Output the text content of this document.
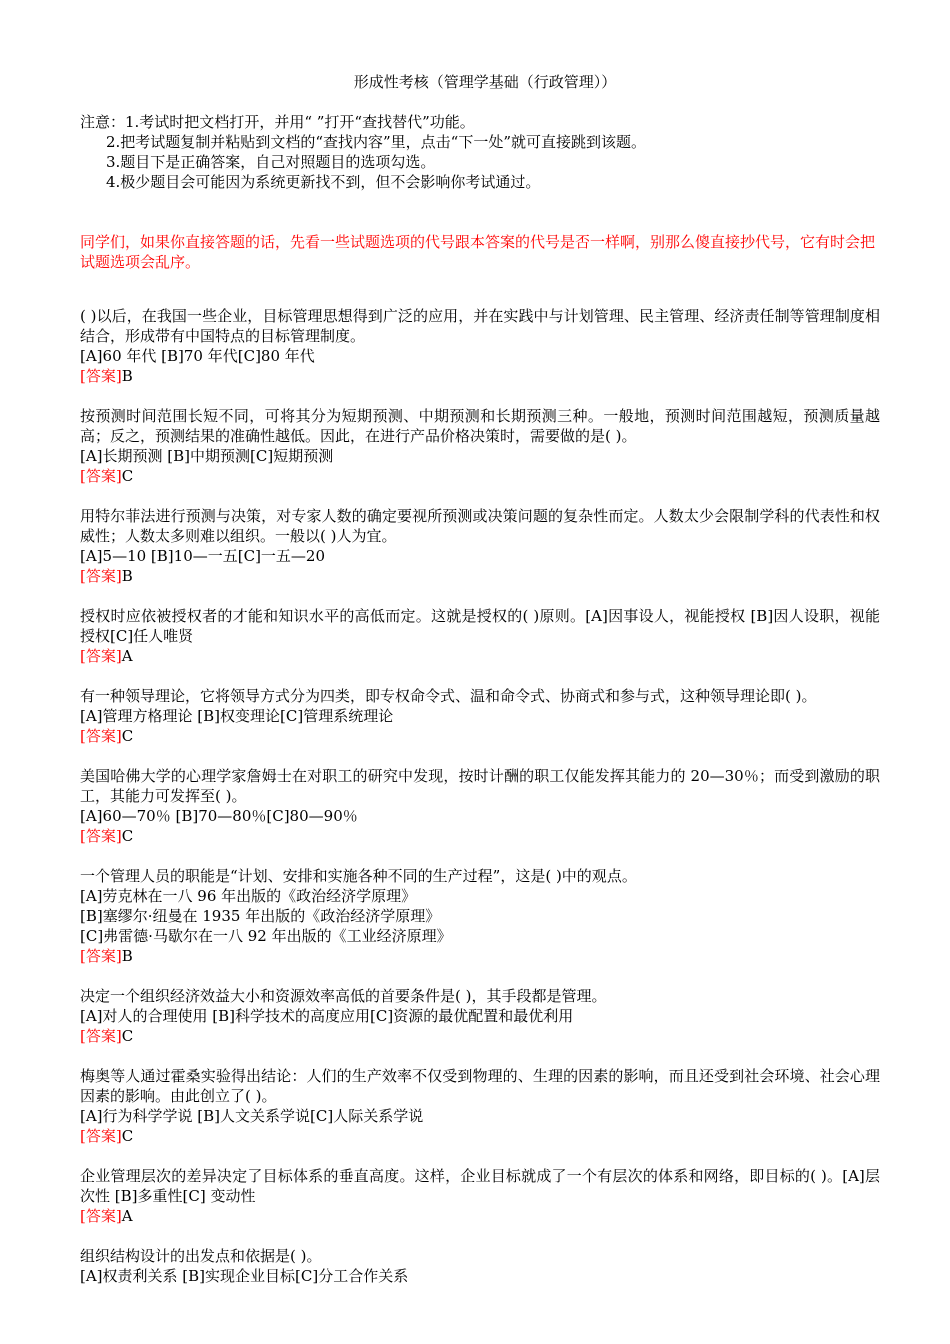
形成性考核（管理学基础（行政管理））
注意：1.考试时把文档打开，并用“ ”打开“查找替代”功能。
2.把考试题复制并粘贴到文档的“查找内容”里，点击“下一处”就可直接跳到该题。
3.题目下是正确答案，自己对照题目的选项勾选。
4.极少题目会可能因为系统更新找不到，但不会影响你考试通过。
同学们，如果你直接答题的话，先看一些试题选项的代号跟本答案的代号是否一样啊，别那么傻直接抄代号，它有时会把试题选项会乱序。
( )以后，在我国一些企业，目标管理思想得到广泛的应用，并在实践中与计划管理、民主管理、经济责任制等管理制度相结合，形成带有中国特点的目标管理制度。
[A]60 年代 [B]70 年代[C]80 年代
[答案]B
按预测时间范围长短不同，可将其分为短期预测、中期预测和长期预测三种。一般地，预测时间范围越短，预测质量越高；反之，预测结果的准确性越低。因此，在进行产品价格决策时，需要做的是( )。
[A]长期预测 [B]中期预测[C]短期预测
[答案]C
用特尔菲法进行预测与决策，对专家人数的确定要视所预测或决策问题的复杂性而定。人数太少会限制学科的代表性和权威性；人数太多则难以组织。一般以( )人为宜。
[A]5—10 [B]10—一五[C]一五—20
[答案]B
授权时应依被授权者的才能和知识水平的高低而定。这就是授权的( )原则。[A]因事设人，视能授权 [B]因人设职，视能授权[C]任人唯贤
[答案]A
有一种领导理论，它将领导方式分为四类，即专权命令式、温和命令式、协商式和参与式，这种领导理论即( )。
[A]管理方格理论 [B]权变理论[C]管理系统理论
[答案]C
美国哈佛大学的心理学家詹姆士在对职工的研究中发现，按时计酬的职工仅能发挥其能力的 20—30％；而受到激励的职工，其能力可发挥至( )。
[A]60—70％ [B]70—80％[C]80—90％
[答案]C
一个管理人员的职能是“计划、安排和实施各种不同的生产过程”，这是( )中的观点。
[A]劳克林在一八 96 年出版的《政治经济学原理》
[B]塞缪尔·纽曼在 1935 年出版的《政治经济学原理》
[C]弗雷德·马歇尔在一八 92 年出版的《工业经济原理》
[答案]B
决定一个组织经济效益大小和资源效率高低的首要条件是( )，其手段都是管理。
[A]对人的合理使用 [B]科学技术的高度应用[C]资源的最优配置和最优利用
[答案]C
梅奥等人通过霍桑实验得出结论：人们的生产效率不仅受到物理的、生理的因素的影响，而且还受到社会环境、社会心理因素的影响。由此创立了( )。
[A]行为科学学说 [B]人文关系学说[C]人际关系学说
[答案]C
企业管理层次的差异决定了目标体系的垂直高度。这样，企业目标就成了一个有层次的体系和网络，即目标的( )。[A]层次性 [B]多重性[C] 变动性
[答案]A
组织结构设计的出发点和依据是( )。
[A]权责利关系 [B]实现企业目标[C]分工合作关系
